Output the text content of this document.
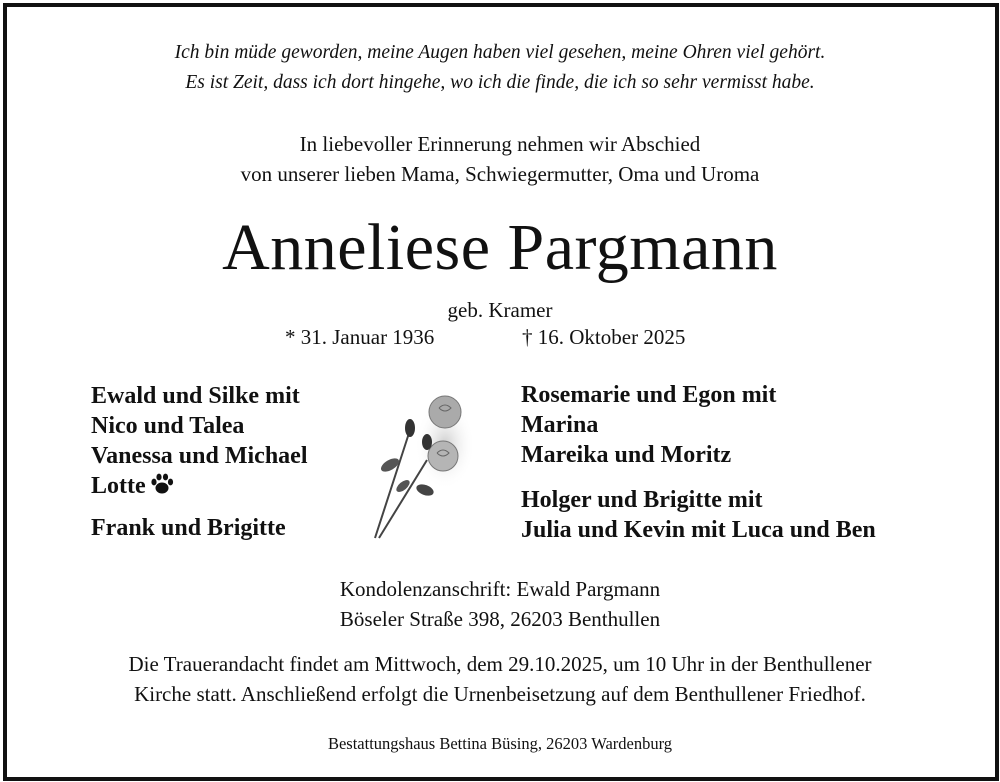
Ich bin müde geworden, meine Augen haben viel gesehen, meine Ohren viel gehört.
Es ist Zeit, dass ich dort hingehe, wo ich die finde, die ich so sehr vermisst habe.
In liebevoller Erinnerung nehmen wir Abschied
von unserer lieben Mama, Schwiegermutter, Oma und Uroma
Anneliese Pargmann
geb. Kramer
* 31. Januar 1936	† 16. Oktober 2025
Ewald und Silke mit
Nico und Talea
Vanessa und Michael
Lotte
Frank und Brigitte
Rosemarie und Egon mit
Marina
Mareika und Moritz
Holger und Brigitte mit
Julia und Kevin mit Luca und Ben
Kondolenzanschrift: Ewald Pargmann
Böseler Straße 398, 26203 Benthullen
Die Trauerandacht findet am Mittwoch, dem 29.10.2025, um 10 Uhr in der Benthullener
Kirche statt. Anschließend erfolgt die Urnenbeisetzung auf dem Benthullener Friedhof.
Bestattungshaus Bettina Büsing, 26203 Wardenburg
